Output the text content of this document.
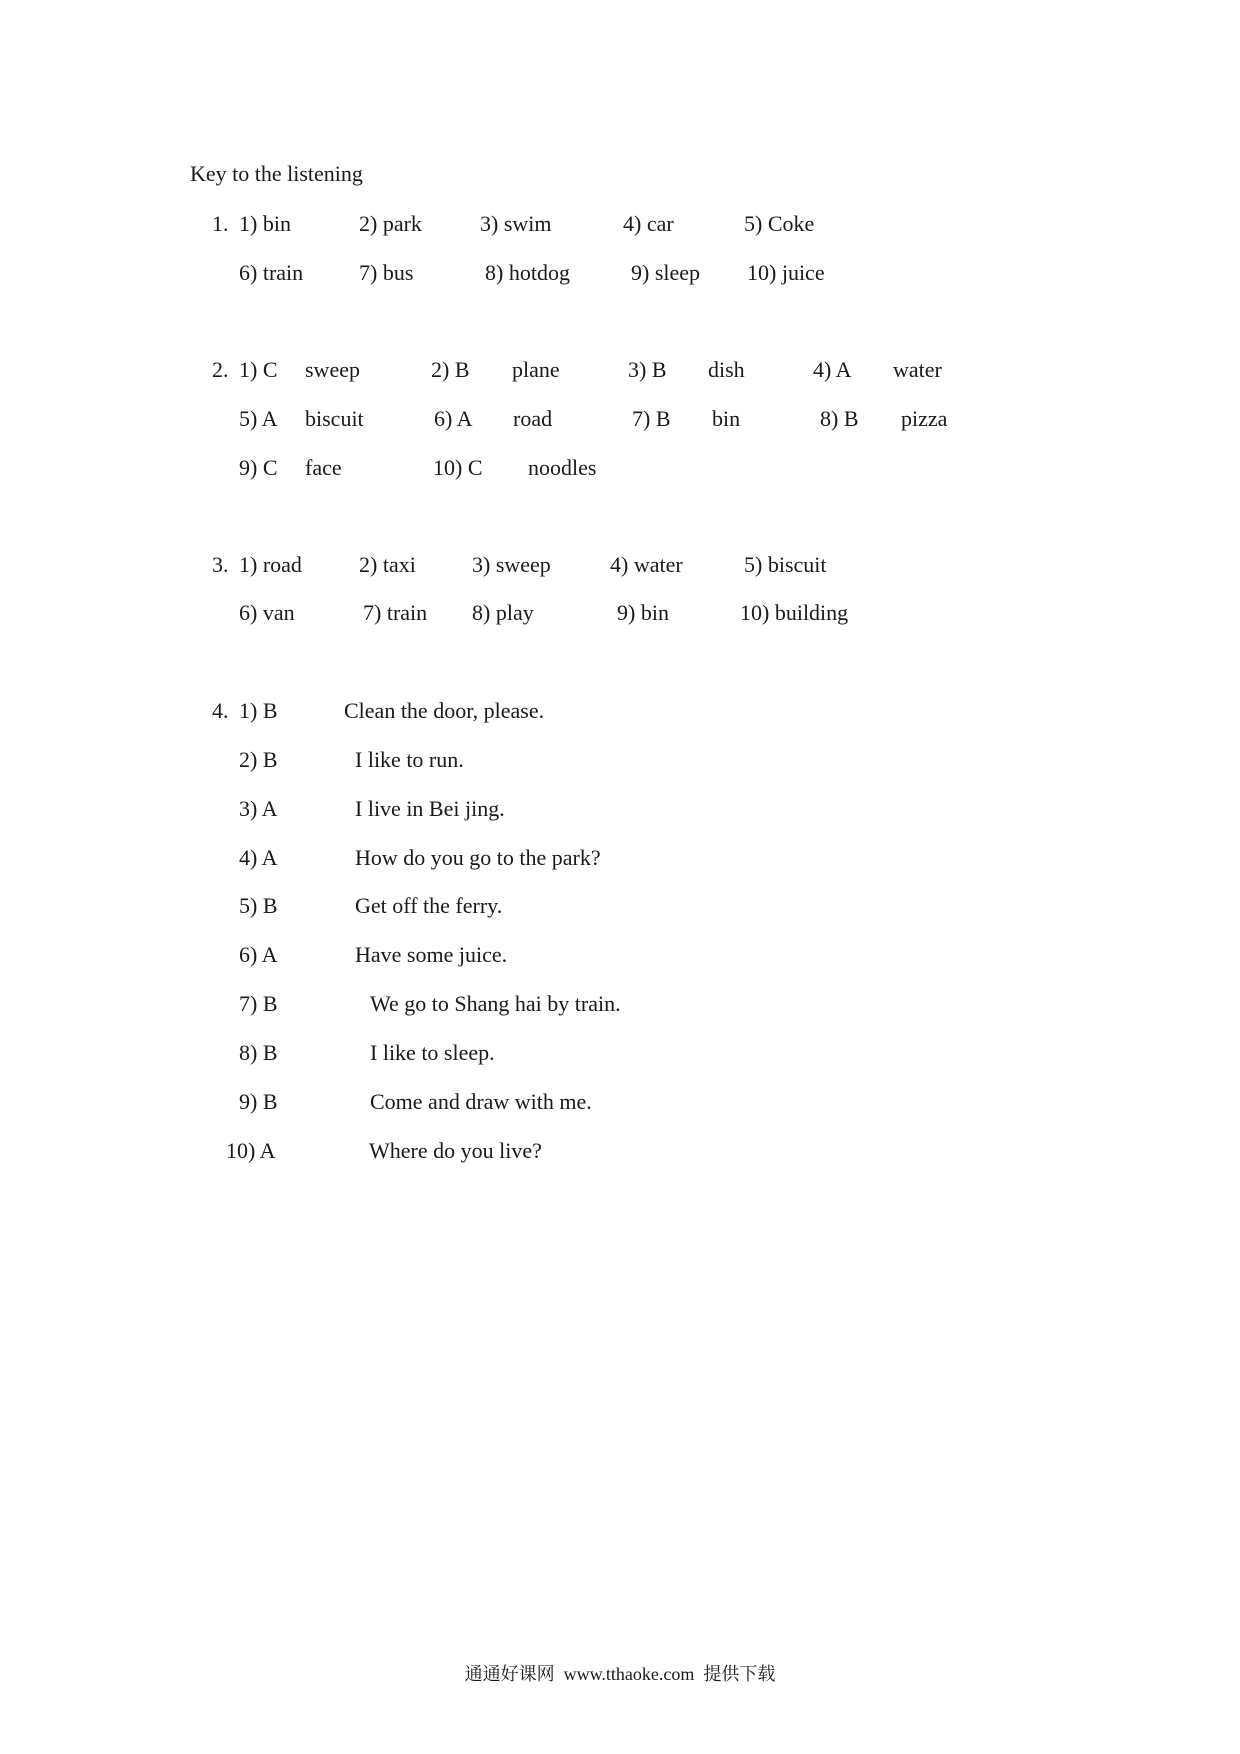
Key to the listening
1. 1) bin	2) park	3) swim	4) car	5) Coke
6) train	7) bus	8) hotdog	9) sleep 10) juice
2. 1) C sweep	2) B plane	3) B dish	4) A water
5) A biscuit	6) A road	7) B bin	8) B pizza
9) C face	10) C noodles
3. 1) road	2) taxi	3) sweep	4) water	5) biscuit
6) van	7) train 8) play	9) bin	10) building
4. 1) B	Clean the door, please.
2) B	I like to run.
3) A	I live in Bei jing.
4) A	How do you go to the park?
5) B	Get off the ferry.
6) A	Have some juice.
7) B	We go to Shang hai by train.
8) B	I like to sleep.
9) B	Come and draw with me.
10) A	Where do you live?
通通好课网  www.tthaoke.com  提供下载
